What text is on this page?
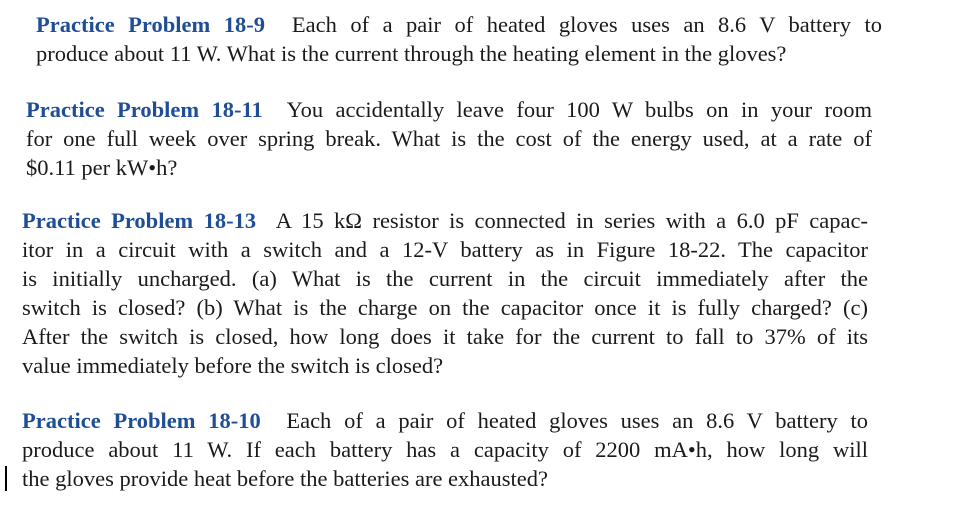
Practice Problem 18-9 Each of a pair of heated gloves uses an 8.6 V battery to
produce about 11 W. What is the current through the heating element in the gloves?
Practice Problem 18-11 You accidentally leave four 100 W bulbs on in your room
for one full week over spring break. What is the cost of the energy used, at a rate of
$0.11 per kW•h?
Practice Problem 18-13 A 15 kΩ resistor is connected in series with a 6.0 pF capac-
itor in a circuit with a switch and a 12-V battery as in Figure 18-22. The capacitor
is initially uncharged. (a) What is the current in the circuit immediately after the
switch is closed? (b) What is the charge on the capacitor once it is fully charged? (c)
After the switch is closed, how long does it take for the current to fall to 37% of its
value immediately before the switch is closed?
Practice Problem 18-10 Each of a pair of heated gloves uses an 8.6 V battery to
produce about 11 W. If each battery has a capacity of 2200 mA•h, how long will
the gloves provide heat before the batteries are exhausted?
